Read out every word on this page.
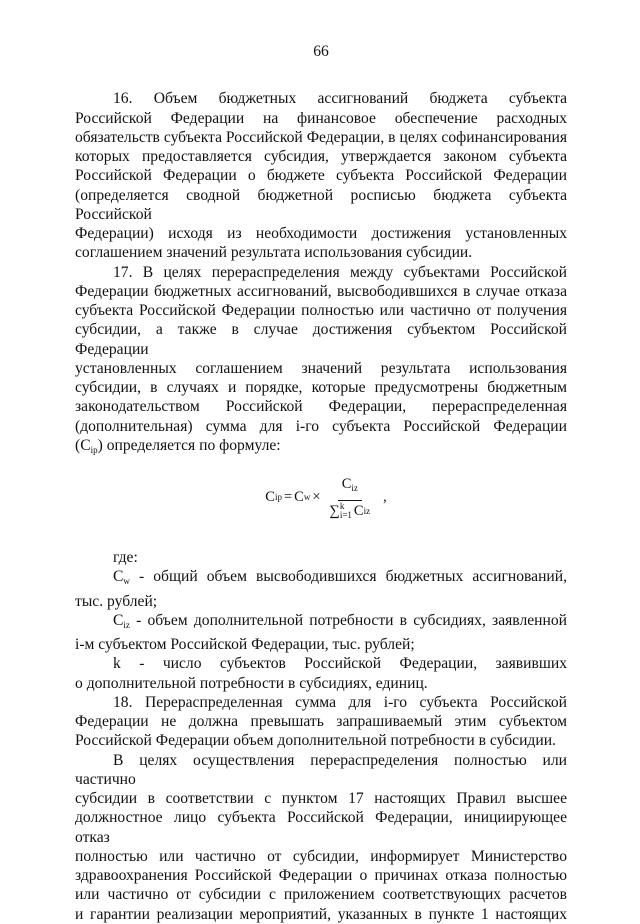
66

16. Объем бюджетных ассигнований бюджета субъекта

Российской Федерации на финансовое обеспечение расходных

обязательств субъекта Российской Федерации, в целях софинансирования

которых предоставляется субсидия, утверждается законом субъекта

Российской Федерации о бюджете субъекта Российской Федерации

(определяется сводной бюджетной росписью бюджета субъекта Российской

Федерации) исходя из необходимости достижения установленных

соглашением значений результата использования субсидии.

17. В целях перераспределения между субъектами Российской

Федерации бюджетных ассигнований, высвободившихся в случае отказа

субъекта Российской Федерации полностью или частично от получения

субсидии, а также в случае достижения субъектом Российской Федерации

установленных соглашением значений результата использования

субсидии, в случаях и порядке, которые предусмотрены бюджетным

законодательством Российской Федерации, перераспределенная

(дополнительная) сумма для i-го субъекта Российской Федерации

$(C_{ip})$ определяется по формуле:

C ip = C w ×
$C_{iz}$
∑ k
i=1 C iz
,
где:

$C_w$ - общий объем высвободившихся бюджетных ассигнований,

тыс. рублей;

$C_{iz}$ - объем дополнительной потребности в субсидиях, заявленной

i-м субъектом Российской Федерации, тыс. рублей;

k - число субъектов Российской Федерации, заявивших

о дополнительной потребности в субсидиях, единиц.

18. Перераспределенная сумма для i-го субъекта Российской

Федерации не должна превышать запрашиваемый этим субъектом

Российской Федерации объем дополнительной потребности в субсидии.

В целях осуществления перераспределения полностью или частично

субсидии в соответствии с пунктом 17 настоящих Правил высшее

должностное лицо субъекта Российской Федерации, инициирующее отказ

полностью или частично от субсидии, информирует Министерство

здравоохранения Российской Федерации о причинах отказа полностью

или частично от субсидии с приложением соответствующих расчетов

и гарантии реализации мероприятий, указанных в пункте 1 настоящих
